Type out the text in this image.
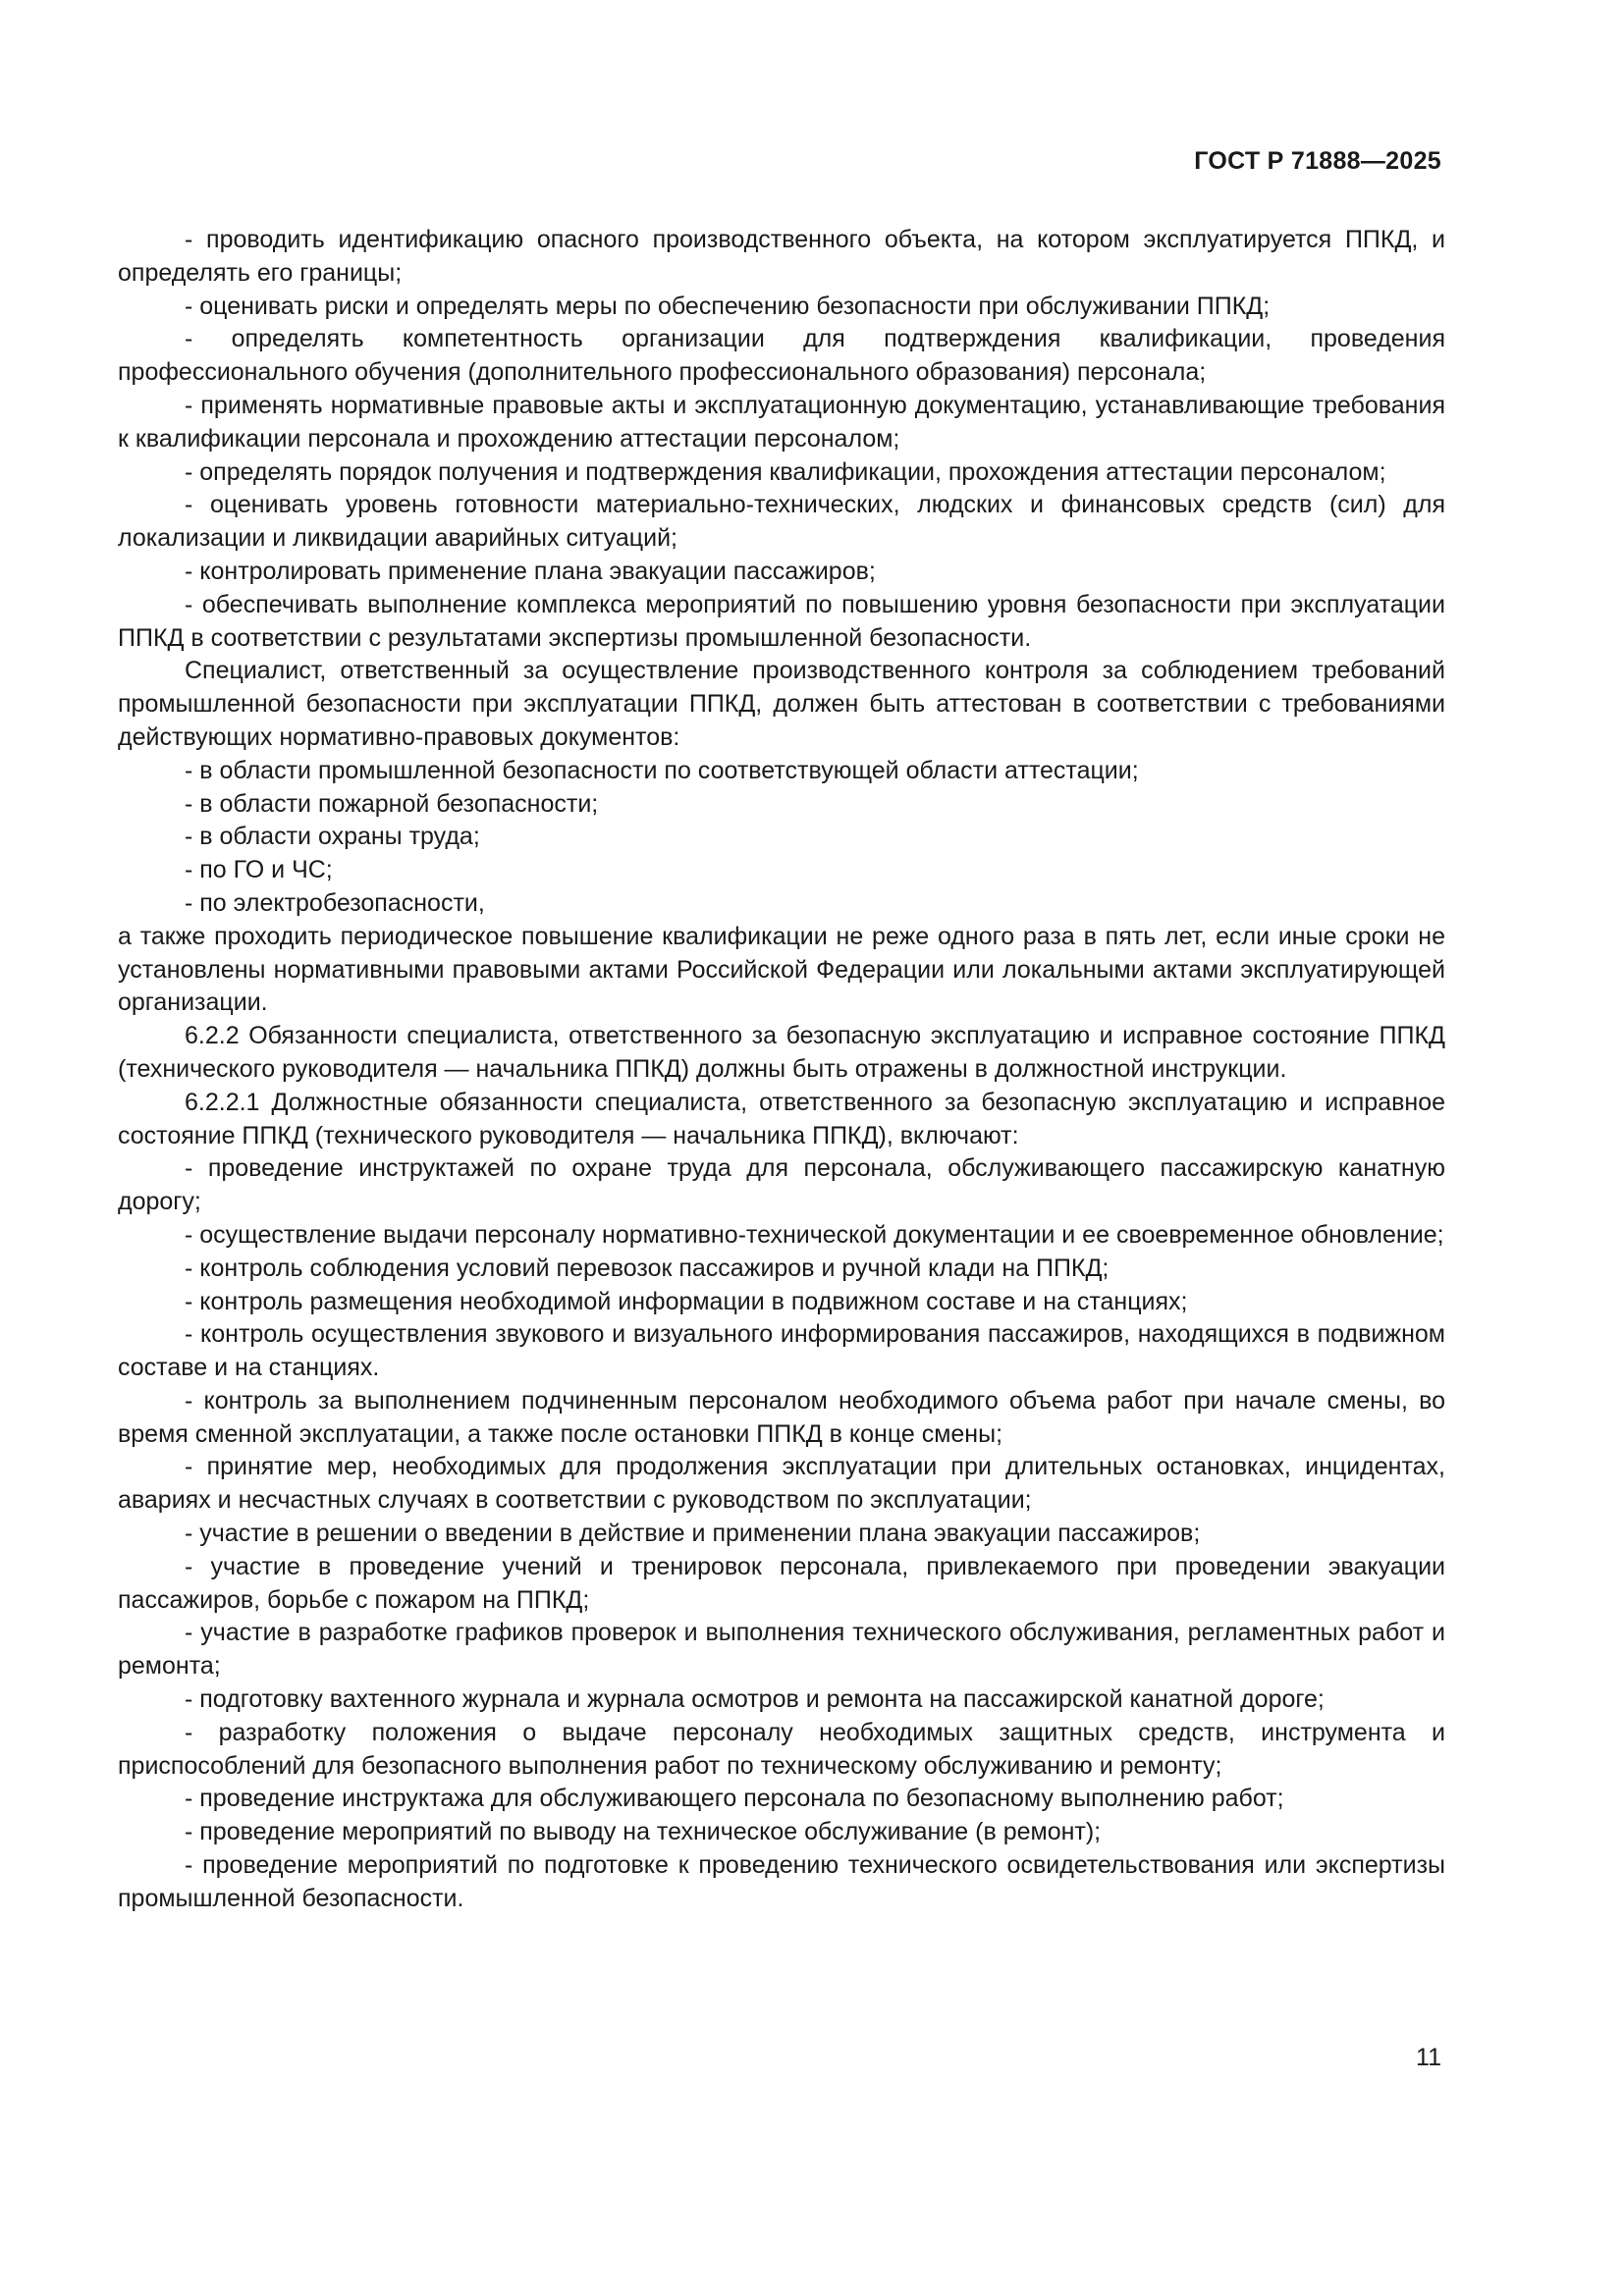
ГОСТ Р 71888—2025

- проводить идентификацию опасного производственного объекта, на котором эксплуатируется ППКД, и определять его границы;

- оценивать риски и определять меры по обеспечению безопасности при обслуживании ППКД;

- определять компетентность организации для подтверждения квалификации, проведения профессионального обучения (дополнительного профессионального образования) персонала;

- применять нормативные правовые акты и эксплуатационную документацию, устанавливающие требования к квалификации персонала и прохождению аттестации персоналом;

- определять порядок получения и подтверждения квалификации, прохождения аттестации персоналом;

- оценивать уровень готовности материально-технических, людских и финансовых средств (сил) для локализации и ликвидации аварийных ситуаций;

- контролировать применение плана эвакуации пассажиров;

- обеспечивать выполнение комплекса мероприятий по повышению уровня безопасности при эксплуатации ППКД в соответствии с результатами экспертизы промышленной безопасности.

Специалист, ответственный за осуществление производственного контроля за соблюдением требований промышленной безопасности при эксплуатации ППКД, должен быть аттестован в соответствии с требованиями действующих нормативно-правовых документов:

- в области промышленной безопасности по соответствующей области аттестации;

- в области пожарной безопасности;

- в области охраны труда;

- по ГО и ЧС;

- по электробезопасности,

а также проходить периодическое повышение квалификации не реже одного раза в пять лет, если иные сроки не установлены нормативными правовыми актами Российской Федерации или локальными актами эксплуатирующей организации.

6.2.2 Обязанности специалиста, ответственного за безопасную эксплуатацию и исправное состояние ППКД (технического руководителя — начальника ППКД) должны быть отражены в должностной инструкции.

6.2.2.1 Должностные обязанности специалиста, ответственного за безопасную эксплуатацию и исправное состояние ППКД (технического руководителя — начальника ППКД), включают:

- проведение инструктажей по охране труда для персонала, обслуживающего пассажирскую канатную дорогу;

- осуществление выдачи персоналу нормативно-технической документации и ее своевременное обновление;

- контроль соблюдения условий перевозок пассажиров и ручной клади на ППКД;

- контроль размещения необходимой информации в подвижном составе и на станциях;

- контроль осуществления звукового и визуального информирования пассажиров, находящихся в подвижном составе и на станциях.

- контроль за выполнением подчиненным персоналом необходимого объема работ при начале смены, во время сменной эксплуатации, а также после остановки ППКД в конце смены;

- принятие мер, необходимых для продолжения эксплуатации при длительных остановках, инцидентах, авариях и несчастных случаях в соответствии с руководством по эксплуатации;

- участие в решении о введении в действие и применении плана эвакуации пассажиров;

- участие в проведение учений и тренировок персонала, привлекаемого при проведении эвакуации пассажиров, борьбе с пожаром на ППКД;

- участие в разработке графиков проверок и выполнения технического обслуживания, регламентных работ и ремонта;

- подготовку вахтенного журнала и журнала осмотров и ремонта на пассажирской канатной дороге;

- разработку положения о выдаче персоналу необходимых защитных средств, инструмента и приспособлений для безопасного выполнения работ по техническому обслуживанию и ремонту;

- проведение инструктажа для обслуживающего персонала по безопасному выполнению работ;

- проведение мероприятий по выводу на техническое обслуживание (в ремонт);

- проведение мероприятий по подготовке к проведению технического освидетельствования или экспертизы промышленной безопасности.

11
